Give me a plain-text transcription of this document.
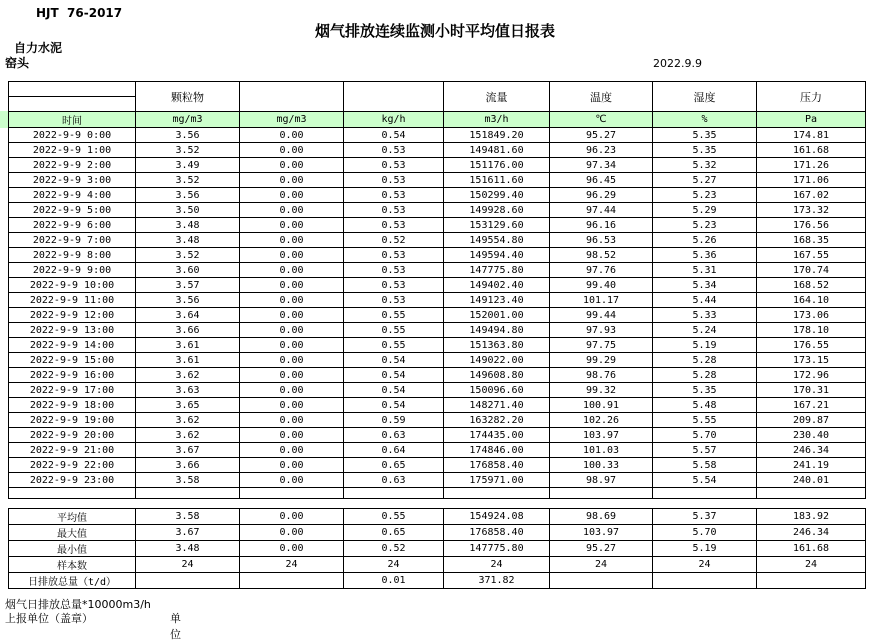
HJT  76-2017
烟气排放连续监测小时平均值日报表
自力水泥
窑头	2022.9.9
	颗粒物			流量	温度	湿度	压力

时间	mg/m3	mg/m3	kg/h	m3/h	℃	%	Pa
2022-9-9 0:00	3.56	0.00	0.54	151849.20	95.27	5.35	174.81
2022-9-9 1:00	3.52	0.00	0.53	149481.60	96.23	5.35	161.68
2022-9-9 2:00	3.49	0.00	0.53	151176.00	97.34	5.32	171.26
2022-9-9 3:00	3.52	0.00	0.53	151611.60	96.45	5.27	171.06
2022-9-9 4:00	3.56	0.00	0.53	150299.40	96.29	5.23	167.02
2022-9-9 5:00	3.50	0.00	0.53	149928.60	97.44	5.29	173.32
2022-9-9 6:00	3.48	0.00	0.53	153129.60	96.16	5.23	176.56
2022-9-9 7:00	3.48	0.00	0.52	149554.80	96.53	5.26	168.35
2022-9-9 8:00	3.52	0.00	0.53	149594.40	98.52	5.36	167.55
2022-9-9 9:00	3.60	0.00	0.53	147775.80	97.76	5.31	170.74
2022-9-9 10:00	3.57	0.00	0.53	149402.40	99.40	5.34	168.52
2022-9-9 11:00	3.56	0.00	0.53	149123.40	101.17	5.44	164.10
2022-9-9 12:00	3.64	0.00	0.55	152001.00	99.44	5.33	173.06
2022-9-9 13:00	3.66	0.00	0.55	149494.80	97.93	5.24	178.10
2022-9-9 14:00	3.61	0.00	0.55	151363.80	97.75	5.19	176.55
2022-9-9 15:00	3.61	0.00	0.54	149022.00	99.29	5.28	173.15
2022-9-9 16:00	3.62	0.00	0.54	149608.80	98.76	5.28	172.96
2022-9-9 17:00	3.63	0.00	0.54	150096.60	99.32	5.35	170.31
2022-9-9 18:00	3.65	0.00	0.54	148271.40	100.91	5.48	167.21
2022-9-9 19:00	3.62	0.00	0.59	163282.20	102.26	5.55	209.87
2022-9-9 20:00	3.62	0.00	0.63	174435.00	103.97	5.70	230.40
2022-9-9 21:00	3.67	0.00	0.64	174846.00	101.03	5.57	246.34
2022-9-9 22:00	3.66	0.00	0.65	176858.40	100.33	5.58	241.19
2022-9-9 23:00	3.58	0.00	0.63	175971.00	98.97	5.54	240.01

平均值	3.58	0.00	0.55	154924.08	98.69	5.37	183.92
最大值	3.67	0.00	0.65	176858.40	103.97	5.70	246.34
最小值	3.48	0.00	0.52	147775.80	95.27	5.19	161.68
样本数	24	24	24	24	24	24	24
日排放总量（t/d）			0.01	371.82			
烟气日排放总量*10000m3/h
上报单位（盖章）	单位
